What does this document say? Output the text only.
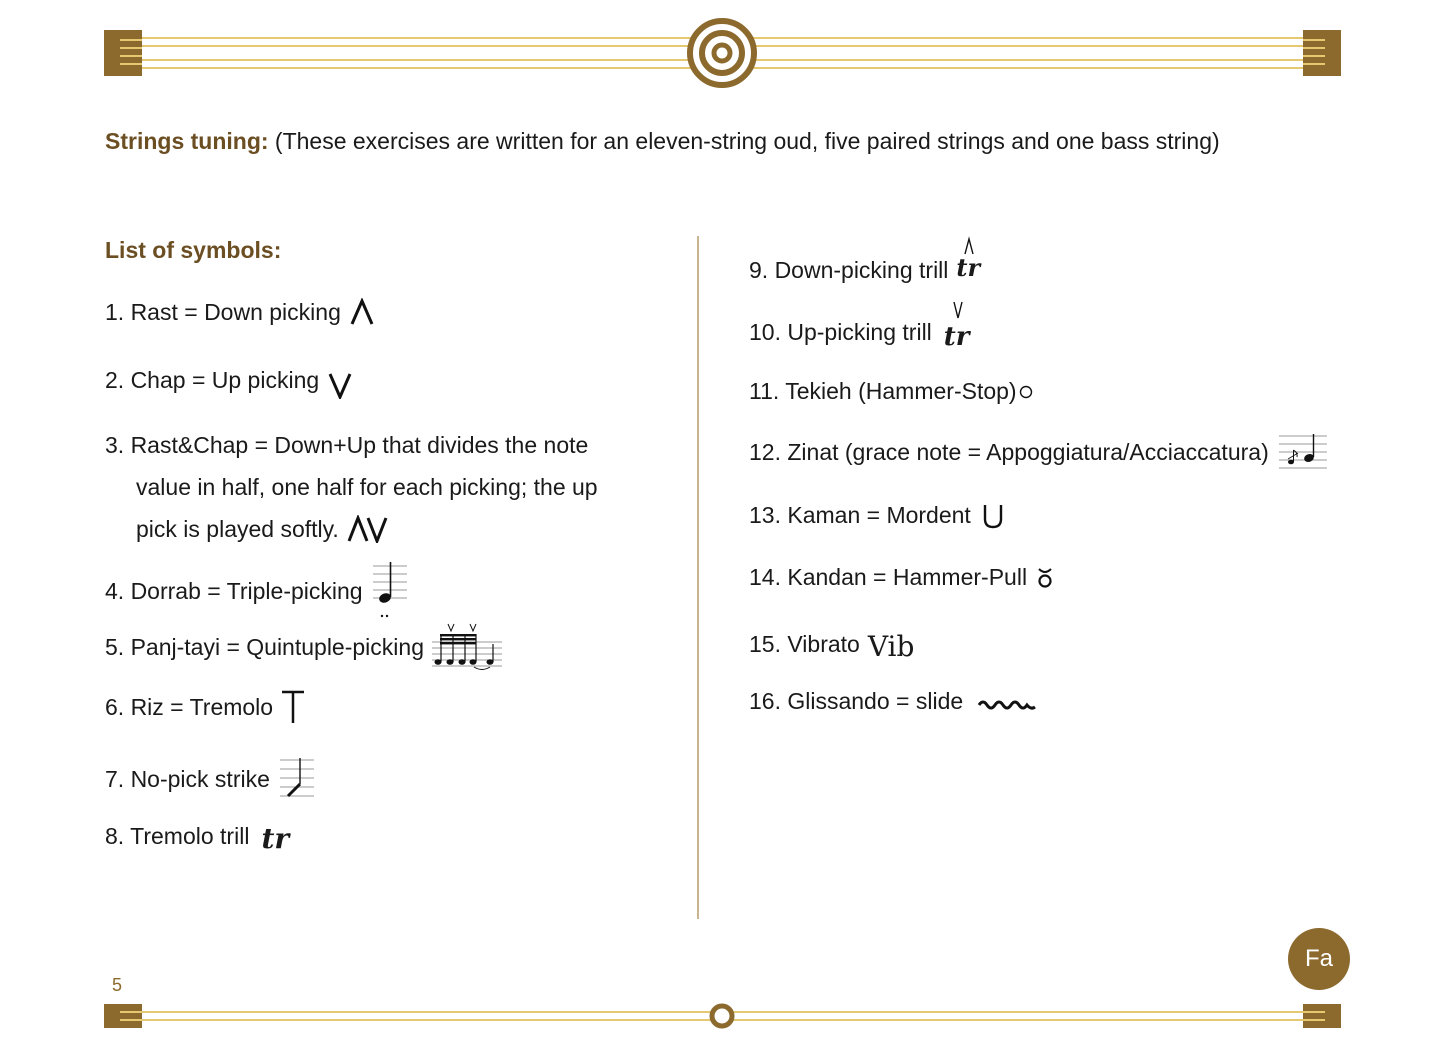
Strings tuning: (These exercises are written for an eleven-string oud, five paired strings and one bass string)
List of symbols:
1. Rast = Down picking
2. Chap = Up picking
3. Rast&Chap = Down+Up that divides the note
value in half, one half for each picking; the up
pick is played softly.
4. Dorrab = Triple-picking
5. Panj-tayi = Quintuple-picking
6. Riz = Tremolo
7. No-pick strike
8. Tremolo trill tr
9. Down-picking trill tr
10. Up-picking trill tr
11. Tekieh (Hammer-Stop)
12. Zinat (grace note = Appoggiatura/Acciaccatura)
13. Kaman = Mordent
14. Kandan = Hammer-Pull
15. Vibrato Vib
16. Glissando = slide
5
Fa
